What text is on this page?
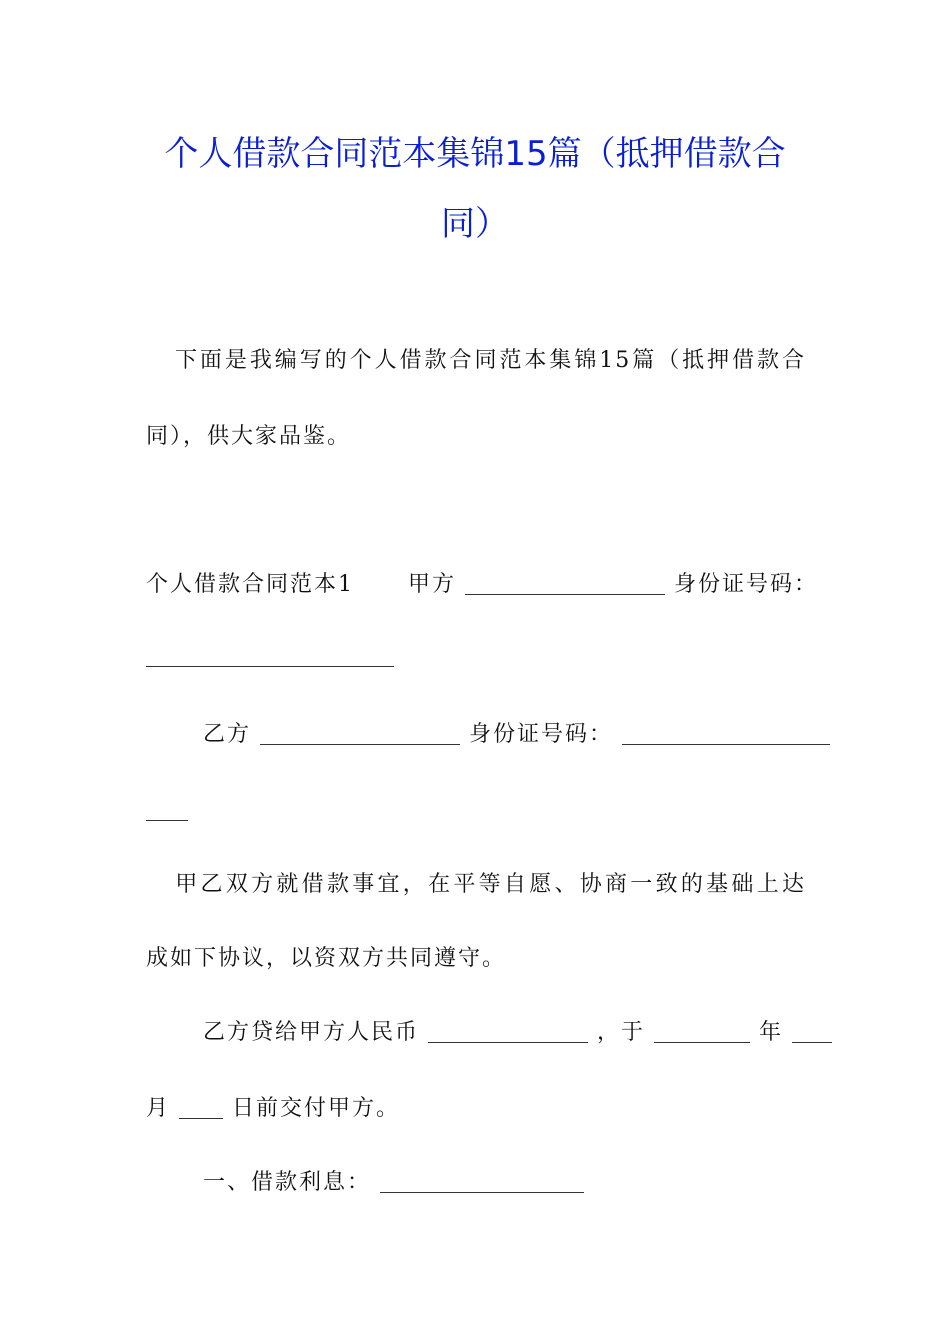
个人借款合同范本集锦15篇（抵押借款合
同）
下面是我编写的个人借款合同范本集锦15篇（抵押借款合
同），供大家品鉴。
个人借款合同范本1 甲方	身份证号码：
乙方	身份证号码：
甲乙双方就借款事宜，在平等自愿、协商一致的基础上达
成如下协议，以资双方共同遵守。
乙方贷给甲方人民币	，于	年
月	日前交付甲方。
一、借款利息：
